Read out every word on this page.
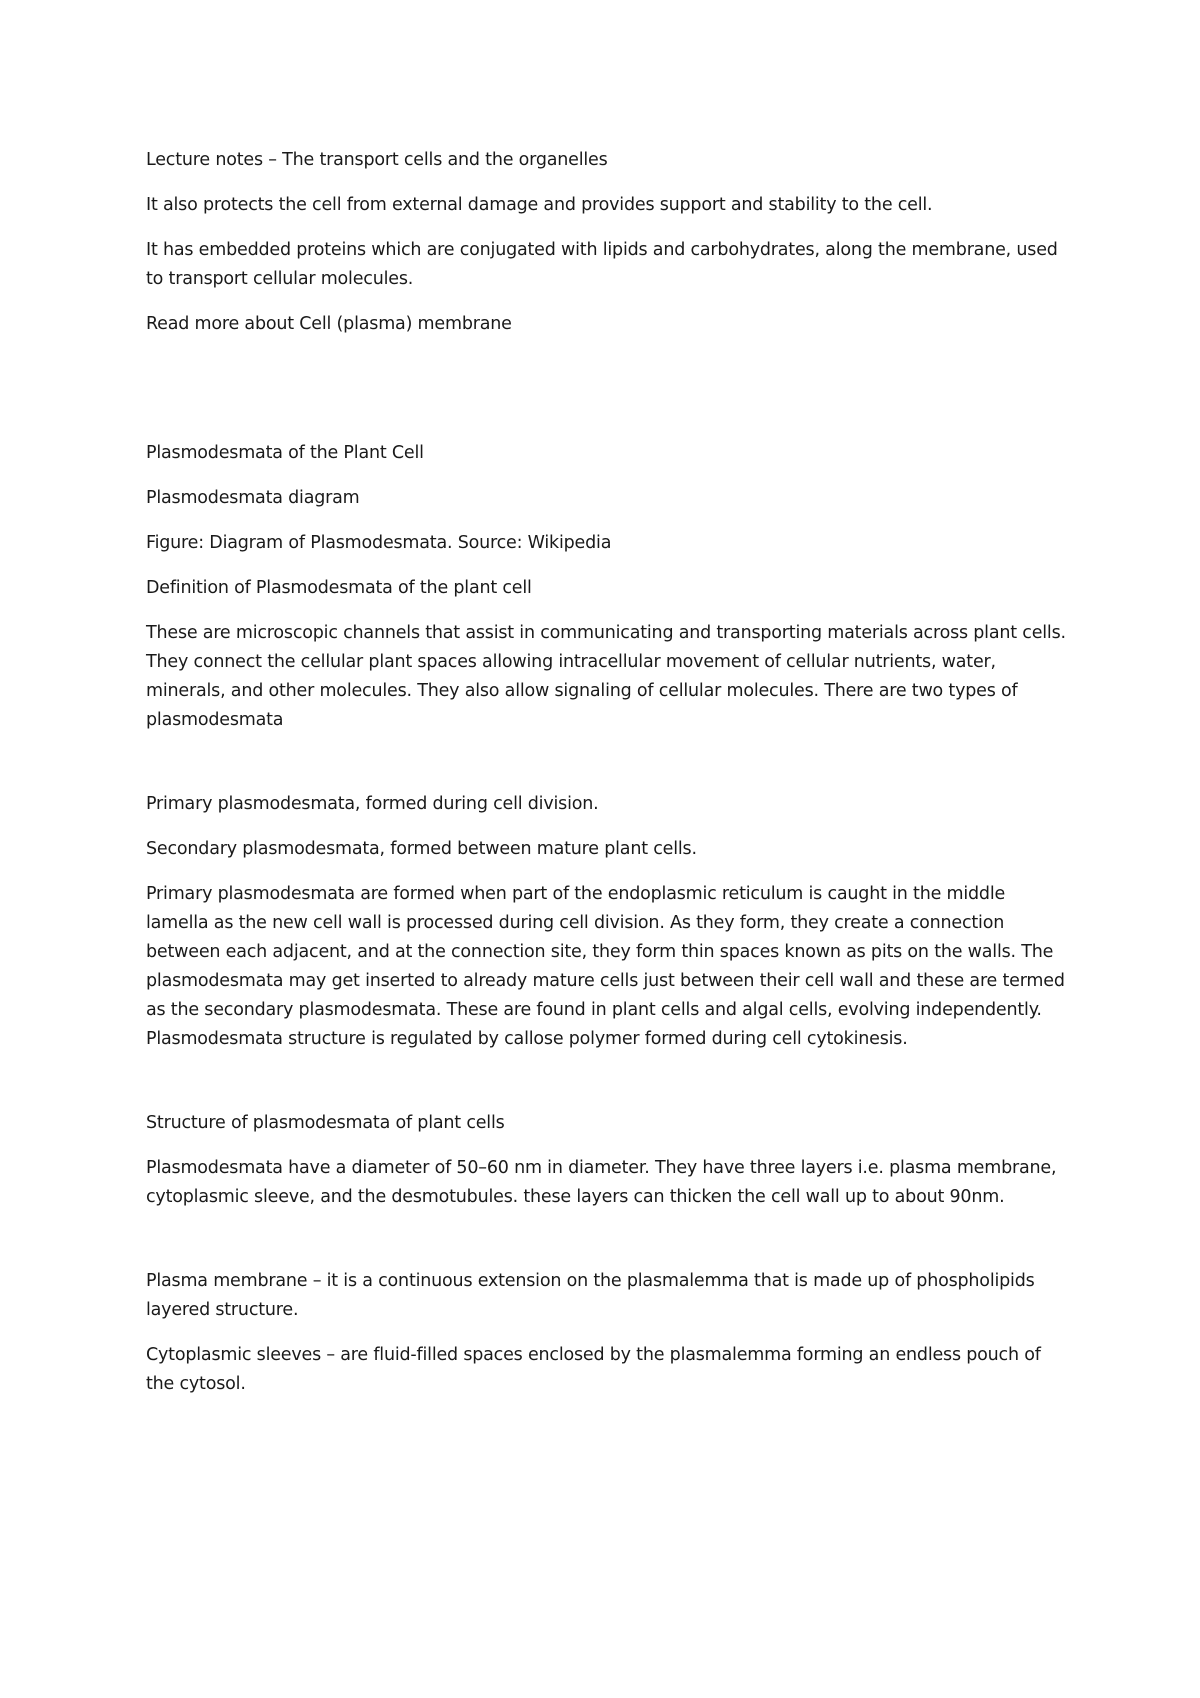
Lecture notes – The transport cells and the organelles

It also protects the cell from external damage and provides support and stability to the cell.

It has embedded proteins which are conjugated with lipids and carbohydrates, along the membrane, used to transport cellular molecules.

Read more about Cell (plasma) membrane

Plasmodesmata of the Plant Cell

Plasmodesmata diagram

Figure: Diagram of Plasmodesmata. Source: Wikipedia

Definition of Plasmodesmata of the plant cell

These are microscopic channels that assist in communicating and transporting materials across plant cells. They connect the cellular plant spaces allowing intracellular movement of cellular nutrients, water, minerals, and other molecules. They also allow signaling of cellular molecules. There are two types of plasmodesmata

Primary plasmodesmata, formed during cell division.

Secondary plasmodesmata, formed between mature plant cells.

Primary plasmodesmata are formed when part of the endoplasmic reticulum is caught in the middle lamella as the new cell wall is processed during cell division. As they form, they create a connection between each adjacent, and at the connection site, they form thin spaces known as pits on the walls. The plasmodesmata may get inserted to already mature cells just between their cell wall and these are termed as the secondary plasmodesmata. These are found in plant cells and algal cells, evolving independently. Plasmodesmata structure is regulated by callose polymer formed during cell cytokinesis.

Structure of plasmodesmata of plant cells

Plasmodesmata have a diameter of 50–60 nm in diameter. They have three layers i.e. plasma membrane, cytoplasmic sleeve, and the desmotubules. these layers can thicken the cell wall up to about 90nm.

Plasma membrane – it is a continuous extension on the plasmalemma that is made up of phospholipids layered structure.

Cytoplasmic sleeves – are fluid-filled spaces enclosed by the plasmalemma forming an endless pouch of the cytosol.
